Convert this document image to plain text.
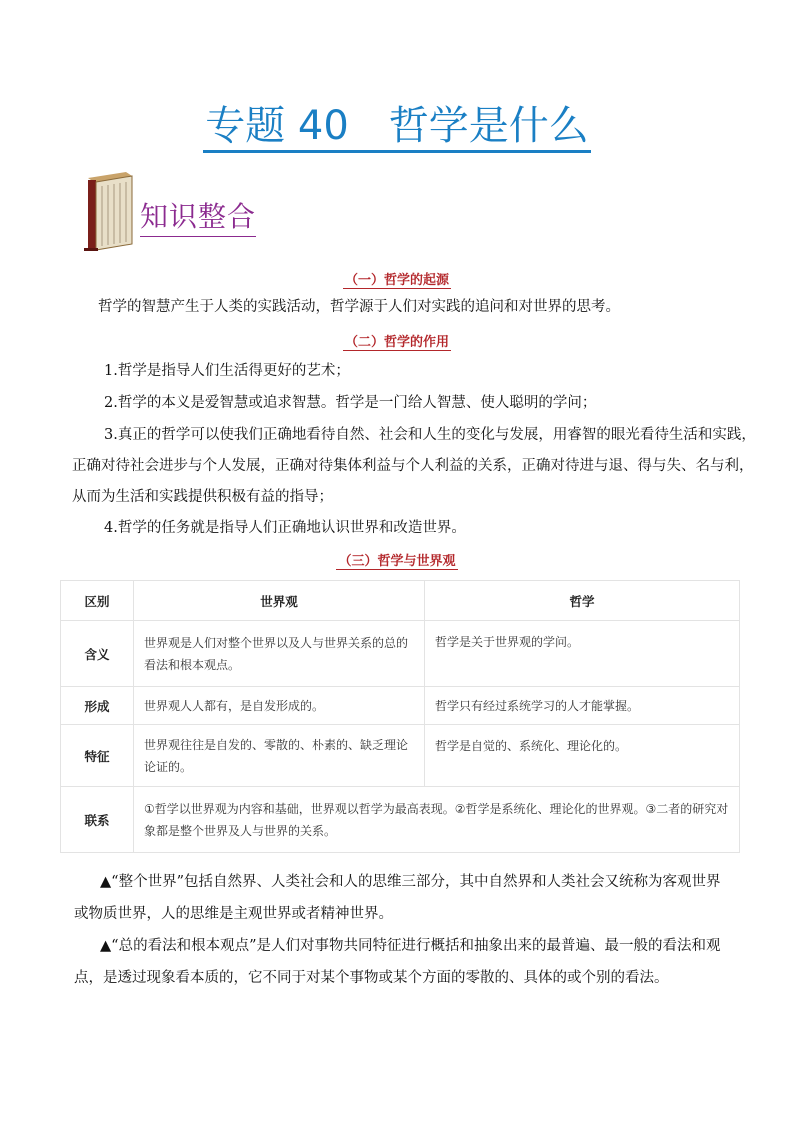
专题 40　哲学是什么
知识整合
（一）哲学的起源
哲学的智慧产生于人类的实践活动，哲学源于人们对实践的追问和对世界的思考。
（二）哲学的作用
1.哲学是指导人们生活得更好的艺术；
2.哲学的本义是爱智慧或追求智慧。哲学是一门给人智慧、使人聪明的学问；
3.真正的哲学可以使我们正确地看待自然、社会和人生的变化与发展，用睿智的眼光看待生活和实践，
正确对待社会进步与个人发展，正确对待集体利益与个人利益的关系，正确对待进与退、得与失、名与利，
从而为生活和实践提供积极有益的指导；
4.哲学的任务就是指导人们正确地认识世界和改造世界。
（三）哲学与世界观
区别	世界观	哲学
含义	世界观是人们对整个世界以及人与世界关系的总的看法和根本观点。	哲学是关于世界观的学问。
形成	世界观人人都有，是自发形成的。	哲学只有经过系统学习的人才能掌握。
特征	世界观往往是自发的、零散的、朴素的、缺乏理论论证的。	哲学是自觉的、系统化、理论化的。
联系	①哲学以世界观为内容和基础，世界观以哲学为最高表现。②哲学是系统化、理论化的世界观。③二者的研究对象都是整个世界及人与世界的关系。	
▲“整个世界”包括自然界、人类社会和人的思维三部分，其中自然界和人类社会又统称为客观世界或物质世界，人的思维是主观世界或者精神世界。
▲“总的看法和根本观点”是人们对事物共同特征进行概括和抽象出来的最普遍、最一般的看法和观点，是透过现象看本质的，它不同于对某个事物或某个方面的零散的、具体的或个别的看法。
